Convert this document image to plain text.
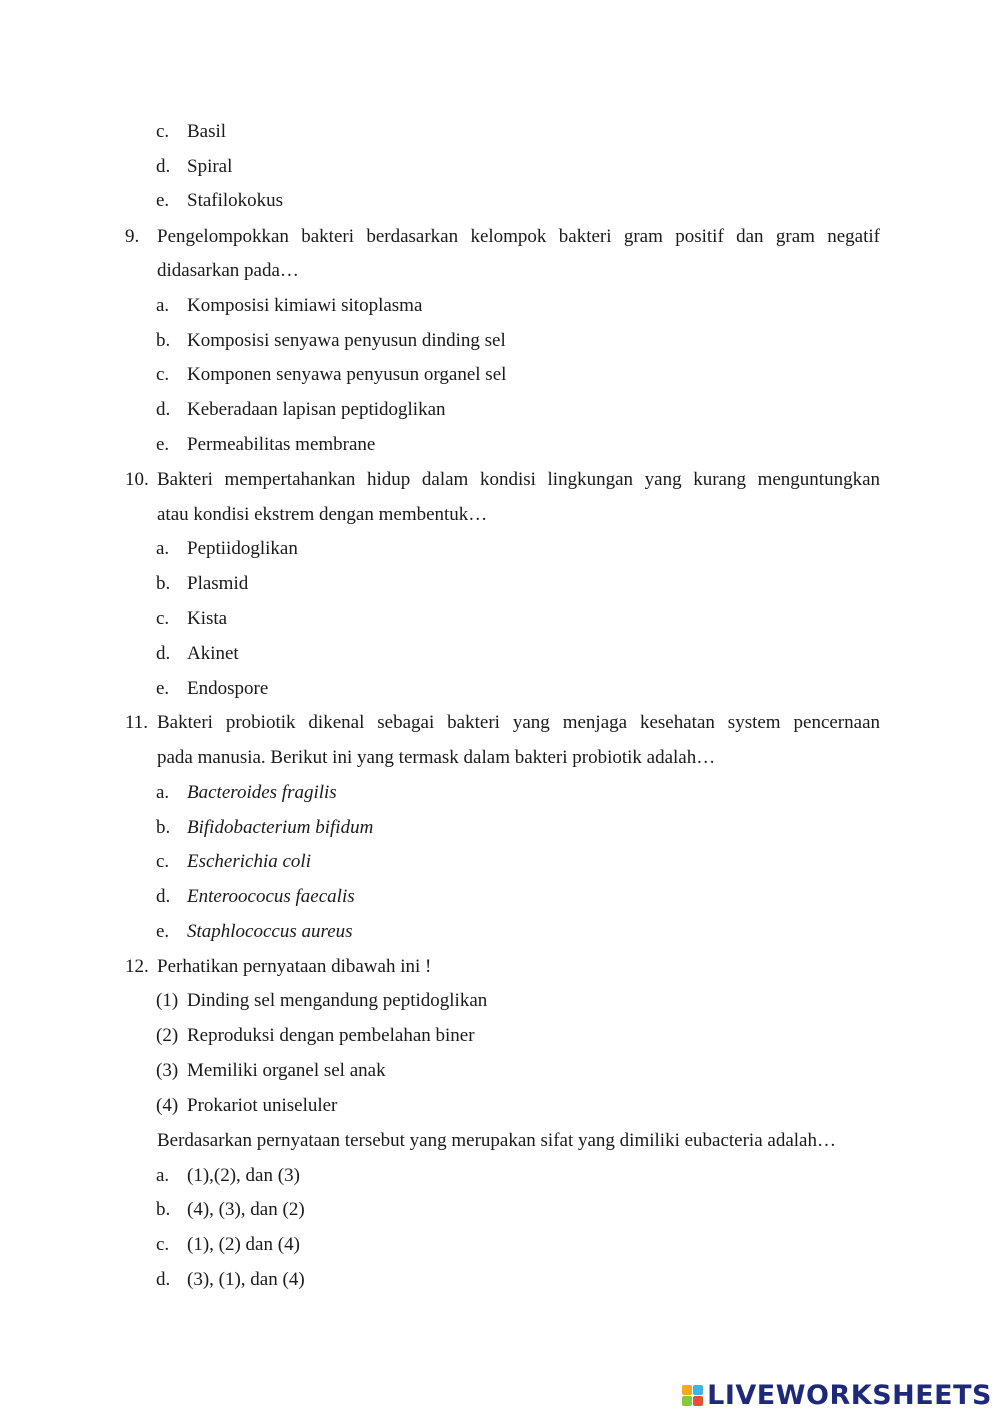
c. Basil
d. Spiral
e. Stafilokokus
9. Pengelompokkan bakteri berdasarkan kelompok bakteri gram positif dan gram negatif
didasarkan pada…
a. Komposisi kimiawi sitoplasma
b. Komposisi senyawa penyusun dinding sel
c. Komponen senyawa penyusun organel sel
d. Keberadaan lapisan peptidoglikan
e. Permeabilitas membrane
10. Bakteri mempertahankan hidup dalam kondisi lingkungan yang kurang menguntungkan
atau kondisi ekstrem dengan membentuk…
a. Peptiidoglikan
b. Plasmid
c. Kista
d. Akinet
e. Endospore
11. Bakteri probiotik dikenal sebagai bakteri yang menjaga kesehatan system pencernaan
pada manusia. Berikut ini yang termask dalam bakteri probiotik adalah…
a. Bacteroides fragilis
b. Bifidobacterium bifidum
c. Escherichia coli
d. Enteroococus faecalis
e. Staphlococcus aureus
12. Perhatikan pernyataan dibawah ini !
(1) Dinding sel mengandung peptidoglikan
(2) Reproduksi dengan pembelahan biner
(3) Memiliki organel sel anak
(4) Prokariot uniseluler
Berdasarkan pernyataan tersebut yang merupakan sifat yang dimiliki eubacteria adalah…
a. (1),(2), dan (3)
b. (4), (3), dan (2)
c. (1), (2) dan (4)
d. (3), (1), dan (4)
LIVEWORKSHEETS
